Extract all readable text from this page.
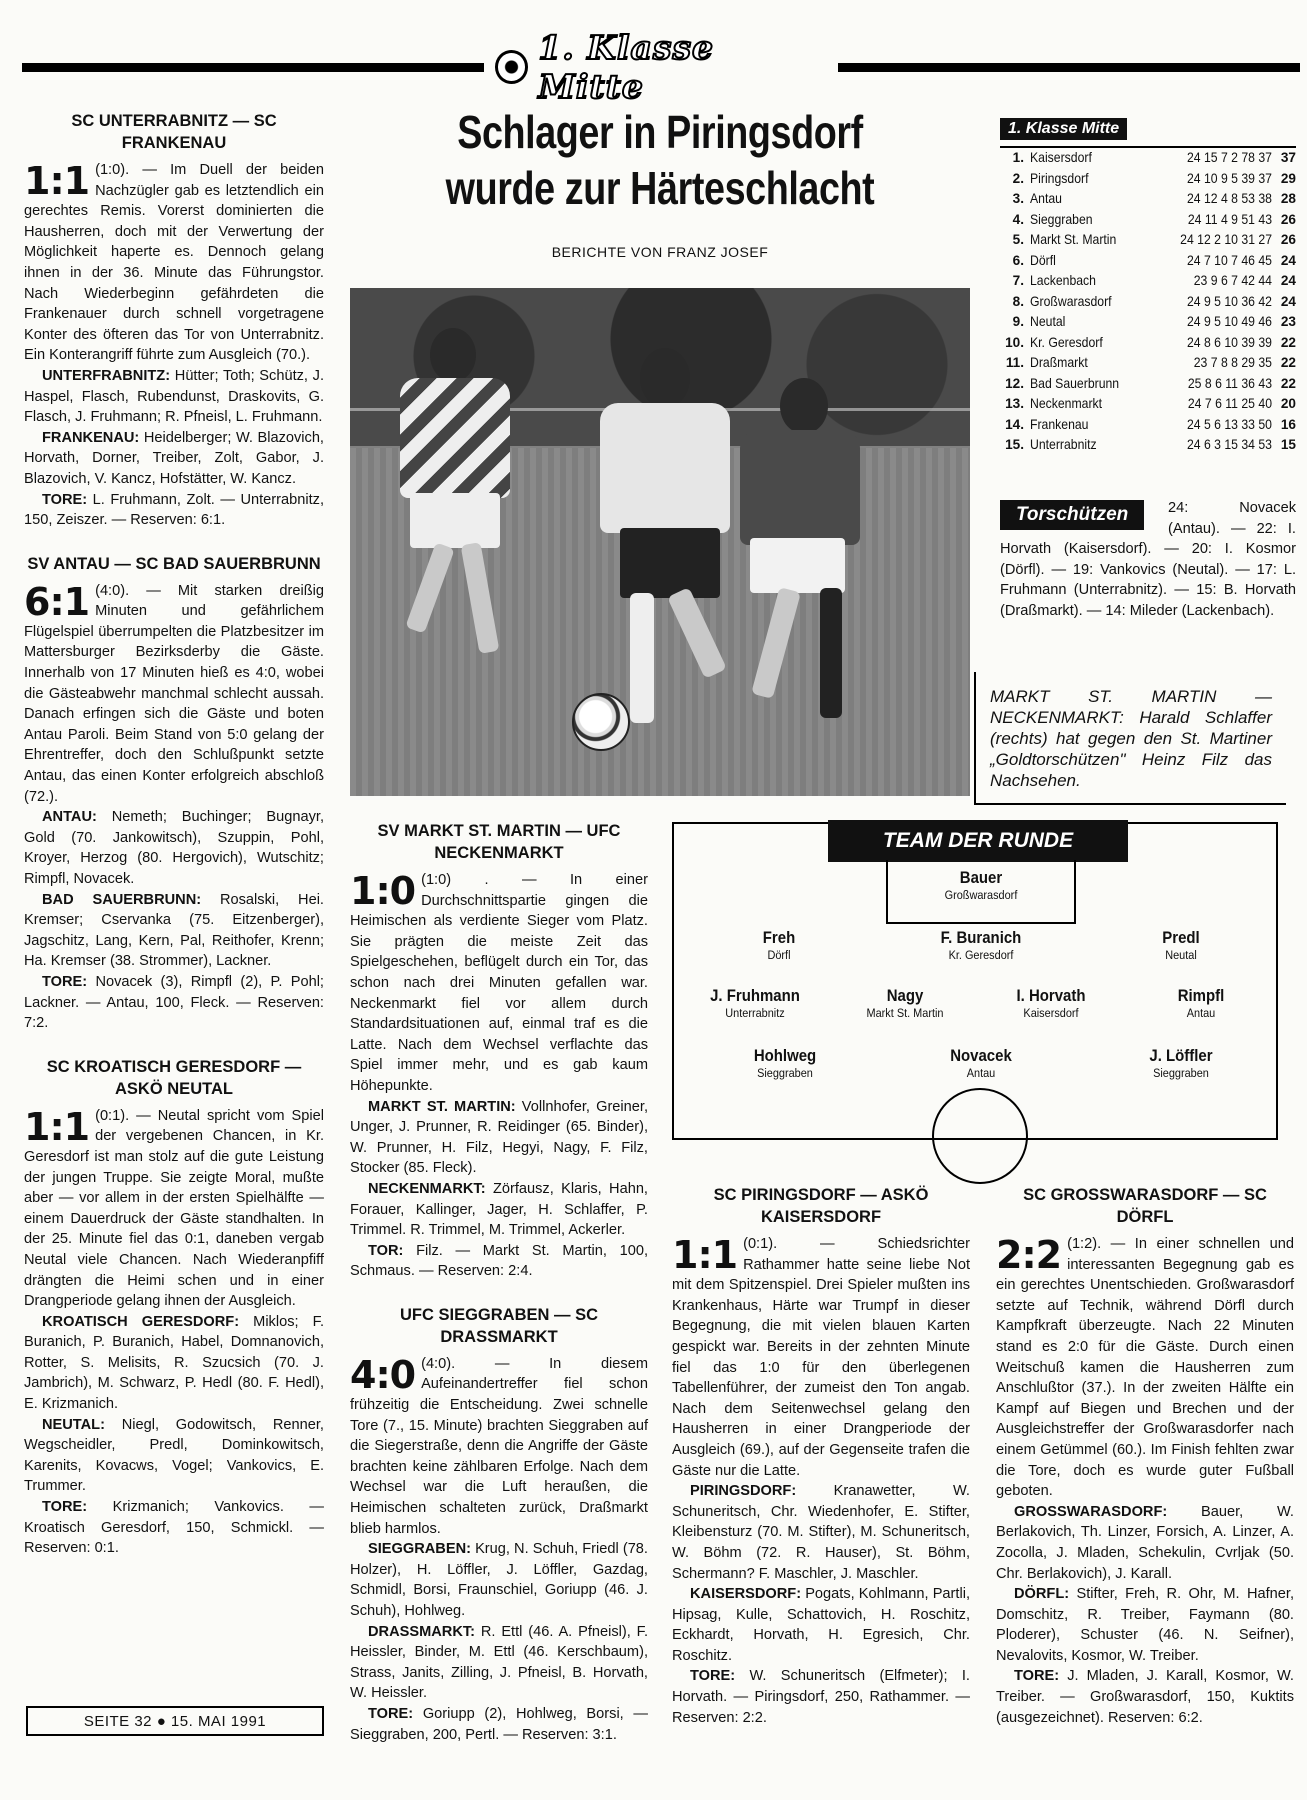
1. Klasse Mitte
SC UNTERRABNITZ — SC FRANKENAU
1:1 (1:0). — Im Duell der beiden Nachzügler gab es letztendlich ein gerechtes Remis. Vorerst dominierten die Hausherren, doch mit der Verwertung der Möglichkeit haperte es. Dennoch gelang ihnen in der 36. Minute das Führungstor. Nach Wiederbeginn gefährdeten die Frankenauer durch schnell vorgetragene Konter des öfteren das Tor von Unterrabnitz. Ein Konterangriff führte zum Ausgleich (70.).
UNTERFRABNITZ: Hütter; Toth; Schütz, J. Haspel, Flasch, Rubendunst, Draskovits, G. Flasch, J. Fruhmann; R. Pfneisl, L. Fruhmann.
FRANKENAU: Heidelberger; W. Blazovich, Horvath, Dorner, Treiber, Zolt, Gabor, J. Blazovich, V. Kancz, Hofstätter, W. Kancz.
TORE: L. Fruhmann, Zolt. — Unterrabnitz, 150, Zeiszer. — Reserven: 6:1.
SV ANTAU — SC BAD SAUERBRUNN
6:1 (4:0). — Mit starken dreißig Minuten und gefährlichem Flügelspiel überrumpelten die Platzbesitzer im Mattersburger Bezirksderby die Gäste. Innerhalb von 17 Minuten hieß es 4:0, wobei die Gästeabwehr manchmal schlecht aussah. Danach erfingen sich die Gäste und boten Antau Paroli. Beim Stand von 5:0 gelang der Ehrentreffer, doch den Schlußpunkt setzte Antau, das einen Konter erfolgreich abschloß (72.).
ANTAU: Nemeth; Buchinger; Bugnayr, Gold (70. Jankowitsch), Szuppin, Pohl, Kroyer, Herzog (80. Hergovich), Wutschitz; Rimpfl, Novacek.
BAD SAUERBRUNN: Rosalski, Hei. Kremser; Cservanka (75. Eitzenberger), Jagschitz, Lang, Kern, Pal, Reithofer, Krenn; Ha. Kremser (38. Strommer), Lackner.
TORE: Novacek (3), Rimpfl (2), P. Pohl; Lackner. — Antau, 100, Fleck. — Reserven: 7:2.
SC KROATISCH GERESDORF — ASKÖ NEUTAL
1:1 (0:1). — Neutal spricht vom Spiel der vergebenen Chancen, in Kr. Geresdorf ist man stolz auf die gute Leistung der jungen Truppe. Sie zeigte Moral, mußte aber — vor allem in der ersten Spielhälfte — einem Dauerdruck der Gäste standhalten. In der 25. Minute fiel das 0:1, daneben vergab Neutal viele Chancen. Nach Wiederanpfiff drängten die Heimi schen und in einer Drangperiode gelang ihnen der Ausgleich.
KROATISCH GERESDORF: Miklos; F. Buranich, P. Buranich, Habel, Domnanovich, Rotter, S. Melisits, R. Szucsich (70. J. Jambrich), M. Schwarz, P. Hedl (80. F. Hedl), E. Krizmanich.
NEUTAL: Niegl, Godowitsch, Renner, Wegscheidler, Predl, Dominkowitsch, Karenits, Kovacws, Vogel; Vankovics, E. Trummer.
TORE: Krizmanich; Vankovics. — Kroatisch Geresdorf, 150, Schmickl. — Reserven: 0:1.
SEITE 32 ● 15. MAI 1991
Schlager in Piringsdorf wurde zur Härteschlacht
BERICHTE VON FRANZ JOSEF
MARKT ST. MARTIN — NECKENMARKT: Harald Schlaffer (rechts) hat gegen den St. Martiner „Goldtorschützen" Heinz Filz das Nachsehen.
SV MARKT ST. MARTIN — UFC NECKENMARKT
1:0 (1:0) . — In einer Durchschnittspartie gingen die Heimischen als verdiente Sieger vom Platz. Sie prägten die meiste Zeit das Spielgeschehen, beflügelt durch ein Tor, das schon nach drei Minuten gefallen war. Neckenmarkt fiel vor allem durch Standardsituationen auf, einmal traf es die Latte. Nach dem Wechsel verflachte das Spiel immer mehr, und es gab kaum Höhepunkte.
MARKT ST. MARTIN: Vollnhofer, Greiner, Unger, J. Prunner, R. Reidinger (65. Binder), W. Prunner, H. Filz, Hegyi, Nagy, F. Filz, Stocker (85. Fleck).
NECKENMARKT: Zörfausz, Klaris, Hahn, Forauer, Kallinger, Jager, H. Schlaffer, P. Trimmel. R. Trimmel, M. Trimmel, Ackerler.
TOR: Filz. — Markt St. Martin, 100, Schmaus. — Reserven: 2:4.
UFC SIEGGRABEN — SC DRASSMARKT
4:0 (4:0). — In diesem Aufeinandertreffer fiel schon frühzeitig die Entscheidung. Zwei schnelle Tore (7., 15. Minute) brachten Sieggraben auf die Siegerstraße, denn die Angriffe der Gäste brachten keine zählbaren Erfolge. Nach dem Wechsel war die Luft heraußen, die Heimischen schalteten zurück, Draßmarkt blieb harmlos.
SIEGGRABEN: Krug, N. Schuh, Friedl (78. Holzer), H. Löffler, J. Löffler, Gazdag, Schmidl, Borsi, Fraunschiel, Goriupp (46. J. Schuh), Hohlweg.
DRASSMARKT: R. Ettl (46. A. Pfneisl), F. Heissler, Binder, M. Ettl (46. Kerschbaum), Strass, Janits, Zilling, J. Pfneisl, B. Horvath, W. Heissler.
TORE: Goriupp (2), Hohlweg, Borsi, — Sieggraben, 200, Pertl. — Reserven: 3:1.
1. Klasse Mitte
1. Kaisersdorf	24 15 7 2 78 37 37
2. Piringsdorf	24 10 9 5 39 37 29
3. Antau	24 12 4 8 53 38 28
4. Sieggraben	24 11 4 9 51 43 26
5. Markt St. Martin	24 12 2 10 31 27 26
6. Dörfl	24 7 10 7 46 45 24
7. Lackenbach	23 9 6 7 42 44 24
8. Großwarasdorf	24 9 5 10 36 42 24
9. Neutal	24 9 5 10 49 46 23
10. Kr. Geresdorf	24 8 6 10 39 39 22
11. Draßmarkt	23 7 8 8 29 35 22
12. Bad Sauerbrunn	25 8 6 11 36 43 22
13. Neckenmarkt	24 7 6 11 25 40 20
14. Frankenau	24 5 6 13 33 50 16
15. Unterrabnitz	24 6 3 15 34 53 15
24: Novacek (Antau). — 22: I. Horvath (Kaisersdorf). — 20: I. Kosmor (Dörfl). — 19: Vankovics (Neutal). — 17: L. Fruhmann (Unterrabnitz). — 15: B. Horvath (Draßmarkt). — 14: Mileder (Lackenbach).
Torschützen
TEAM DER RUNDE
Bauer
Großwarasdorf
Freh
Dörfl
F. Buranich
Kr. Geresdorf
Predl
Neutal
J. Fruhmann
Unterrabnitz
Nagy
Markt St. Martin
I. Horvath
Kaisersdorf
Rimpfl
Antau
Hohlweg
Sieggraben
Novacek
Antau
J. Löffler
Sieggraben
SC PIRINGSDORF — ASKÖ KAISERSDORF
1:1 (0:1). — Schiedsrichter Rathammer hatte seine liebe Not mit dem Spitzenspiel. Drei Spieler mußten ins Krankenhaus, Härte war Trumpf in dieser Begegnung, die mit vielen blauen Karten gespickt war. Bereits in der zehnten Minute fiel das 1:0 für den überlegenen Tabellenführer, der zumeist den Ton angab. Nach dem Seitenwechsel gelang den Hausherren in einer Drangperiode der Ausgleich (69.), auf der Gegenseite trafen die Gäste nur die Latte.
PIRINGSDORF:	Kranawetter, W. Schuneritsch, Chr. Wiedenhofer, E. Stifter, Kleibensturz (70. M. Stifter), M. Schuneritsch, W. Böhm (72. R. Hauser), St. Böhm, Schermann? F. Maschler, J. Maschler.
KAISERSDORF: Pogats, Kohlmann, Partli, Hipsag, Kulle, Schattovich, H. Roschitz, Eckhardt, Horvath, H. Egresich, Chr. Roschitz.
TORE: W. Schuneritsch (Elfmeter); I. Horvath. — Piringsdorf, 250, Rathammer. — Reserven: 2:2.
SC GROSSWARASDORF — SC DÖRFL
2:2 (1:2). — In einer schnellen und interessanten Begegnung gab es ein gerechtes Unentschieden. Großwarasdorf setzte auf Technik, während Dörfl durch Kampfkraft überzeugte. Nach 22 Minuten stand es 2:0 für die Gäste. Durch einen Weitschuß kamen die Hausherren zum Anschlußtor (37.). In der zweiten Hälfte ein Kampf auf Biegen und Brechen und der Ausgleichstreffer der Großwarasdorfer nach einem Getümmel (60.). Im Finish fehlten zwar die Tore, doch es wurde guter Fußball geboten.
GROSSWARASDORF: Bauer, W. Berlakovich, Th. Linzer, Forsich, A. Linzer, A. Zocolla, J. Mladen, Schekulin, Cvrljak (50. Chr. Berlakovich), J. Karall.
DÖRFL: Stifter, Freh, R. Ohr, M. Hafner, Domschitz, R. Treiber, Faymann (80. Ploderer), Schuster (46. N. Seifner), Nevalovits, Kosmor, W. Treiber.
TORE: J. Mladen, J. Karall, Kosmor, W. Treiber. — Großwarasdorf, 150, Kuktits (ausgezeichnet). Reserven: 6:2.
